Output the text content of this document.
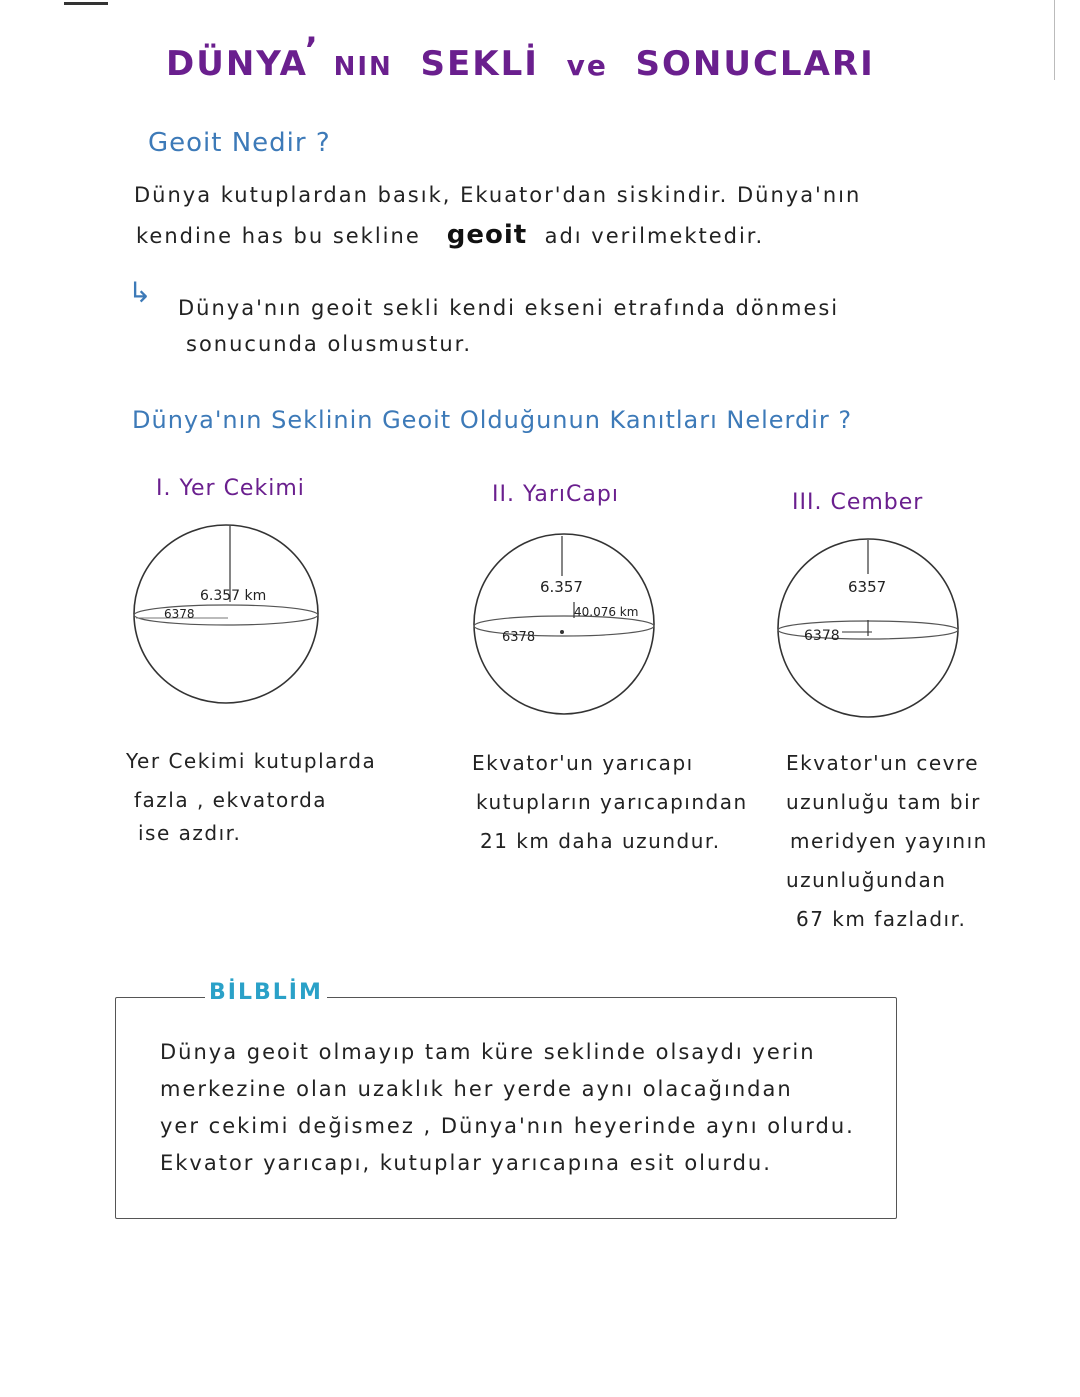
DÜNYA’ NIN SEKLİ ve SONUCLARI
Geoit Nedir ?
Dünya kutuplardan basık, Ekuator'dan siskindir. Dünya'nın
kendine has bu sekline geoit adı verilmektedir.
↳ Dünya'nın geoit sekli kendi ekseni etrafında dönmesi
sonucunda olusmustur.
Dünya'nın Seklinin Geoit Olduğunun Kanıtları Nelerdir ?
I. Yer Cekimi	II. YarıCapı	III. Cember
6.357 km
6378
6.357
40.076 km
6378
6357
6378
Yer Cekimi kutuplarda
fazla , ekvatorda
ise azdır.
Ekvator'un yarıcapı
kutupların yarıcapından
21 km daha uzundur.
Ekvator'un cevre
uzunluğu tam bir
meridyen yayının
uzunluğundan
67 km fazladır.
BİLBLİM
Dünya geoit olmayıp tam küre seklinde olsaydı yerin
merkezine olan uzaklık her yerde aynı olacağından
yer cekimi değismez , Dünya'nın heyerinde aynı olurdu.
Ekvator yarıcapı, kutuplar yarıcapına esit olurdu.
